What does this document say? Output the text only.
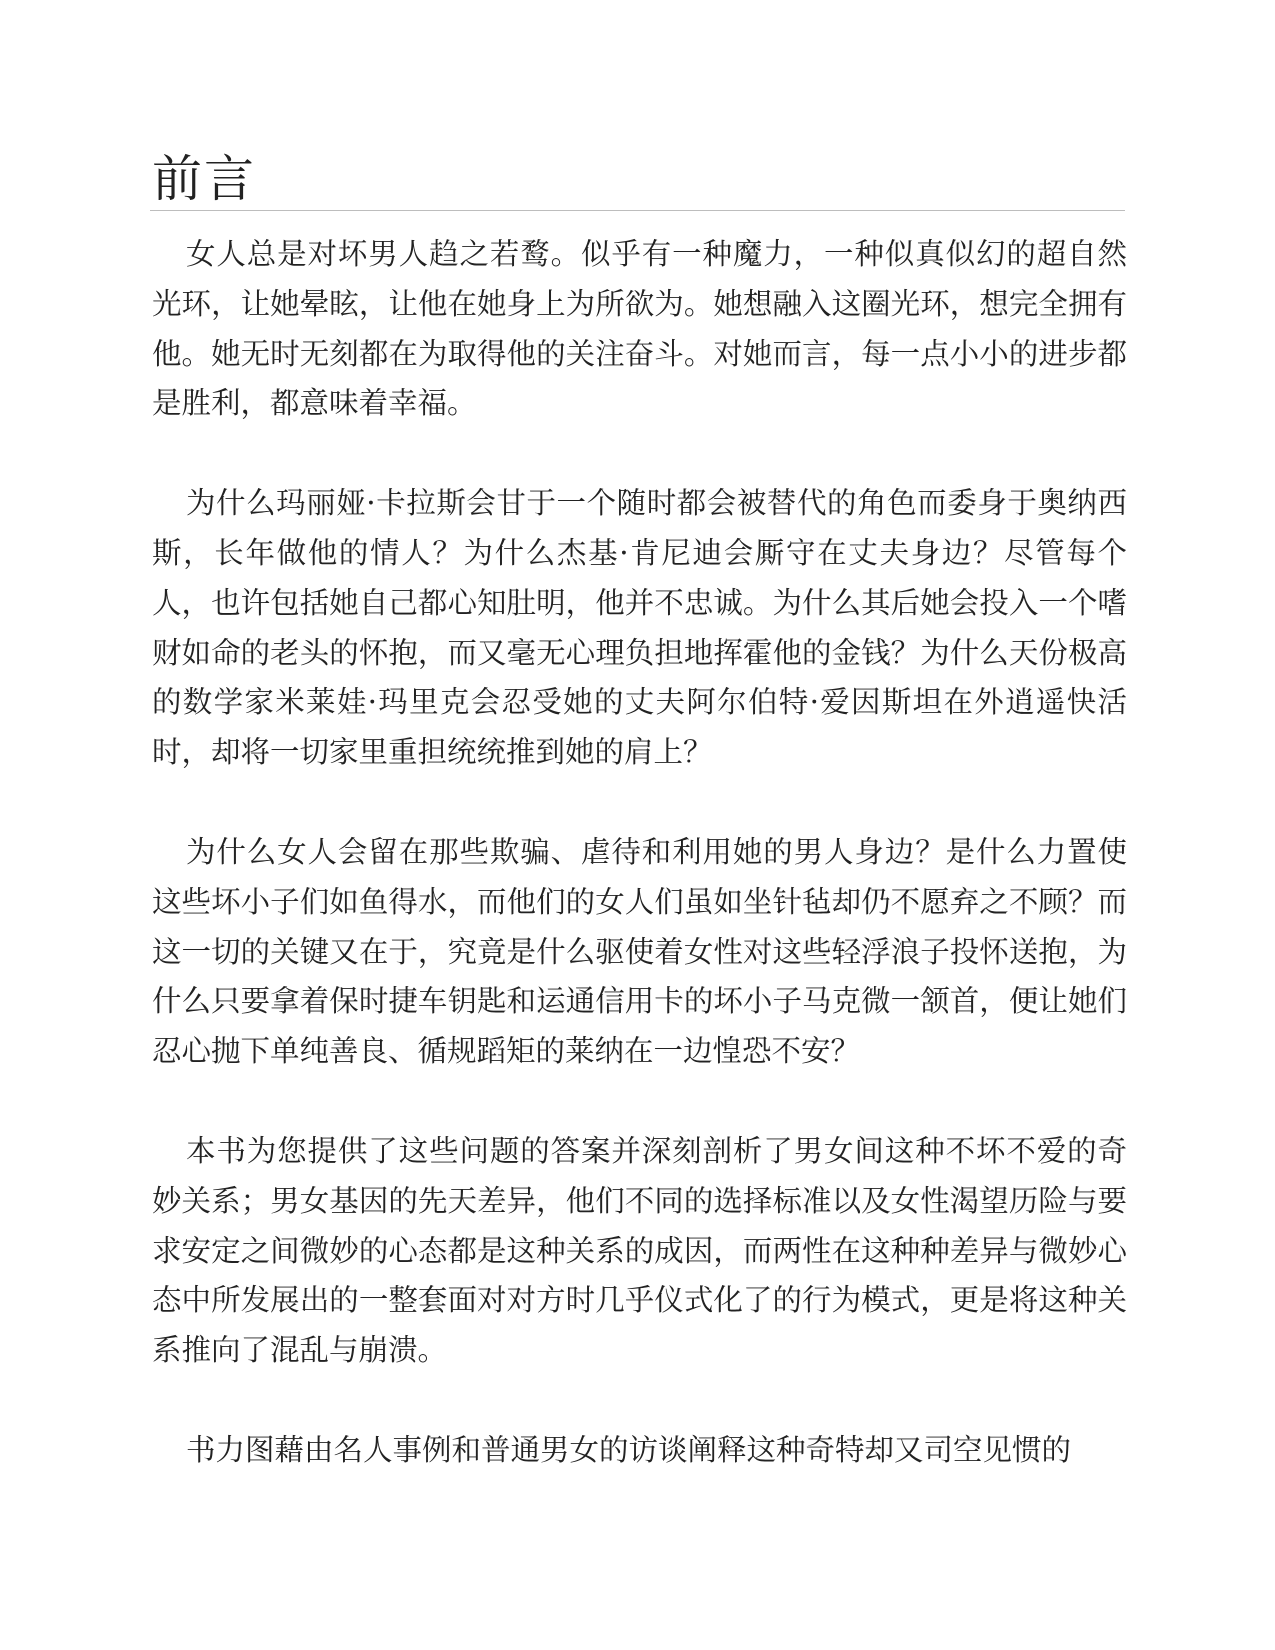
前言

女人总是对坏男人趋之若鹜。似乎有一种魔力，一种似真似幻的超自然光环，让她晕眩，让他在她身上为所欲为。她想融入这圈光环，想完全拥有他。她无时无刻都在为取得他的关注奋斗。对她而言，每一点小小的进步都是胜利，都意味着幸福。

为什么玛丽娅·卡拉斯会甘于一个随时都会被替代的角色而委身于奥纳西斯，长年做他的情人？为什么杰基·肯尼迪会厮守在丈夫身边？尽管每个人，也许包括她自己都心知肚明，他并不忠诚。为什么其后她会投入一个嗜财如命的老头的怀抱，而又毫无心理负担地挥霍他的金钱？为什么天份极高的数学家米莱娃·玛里克会忍受她的丈夫阿尔伯特·爱因斯坦在外逍遥快活时，却将一切家里重担统统推到她的肩上？

为什么女人会留在那些欺骗、虐待和利用她的男人身边？是什么力置使这些坏小子们如鱼得水，而他们的女人们虽如坐针毡却仍不愿弃之不顾？而这一切的关键又在于，究竟是什么驱使着女性对这些轻浮浪子投怀送抱，为什么只要拿着保时捷车钥匙和运通信用卡的坏小子马克微一颔首，便让她们忍心抛下单纯善良、循规蹈矩的莱纳在一边惶恐不安？

本书为您提供了这些问题的答案并深刻剖析了男女间这种不坏不爱的奇妙关系；男女基因的先天差异，他们不同的选择标准以及女性渴望历险与要求安定之间微妙的心态都是这种关系的成因，而两性在这种种差异与微妙心态中所发展出的一整套面对对方时几乎仪式化了的行为模式，更是将这种关系推向了混乱与崩溃。

书力图藉由名人事例和普通男女的访谈阐释这种奇特却又司空见惯的
